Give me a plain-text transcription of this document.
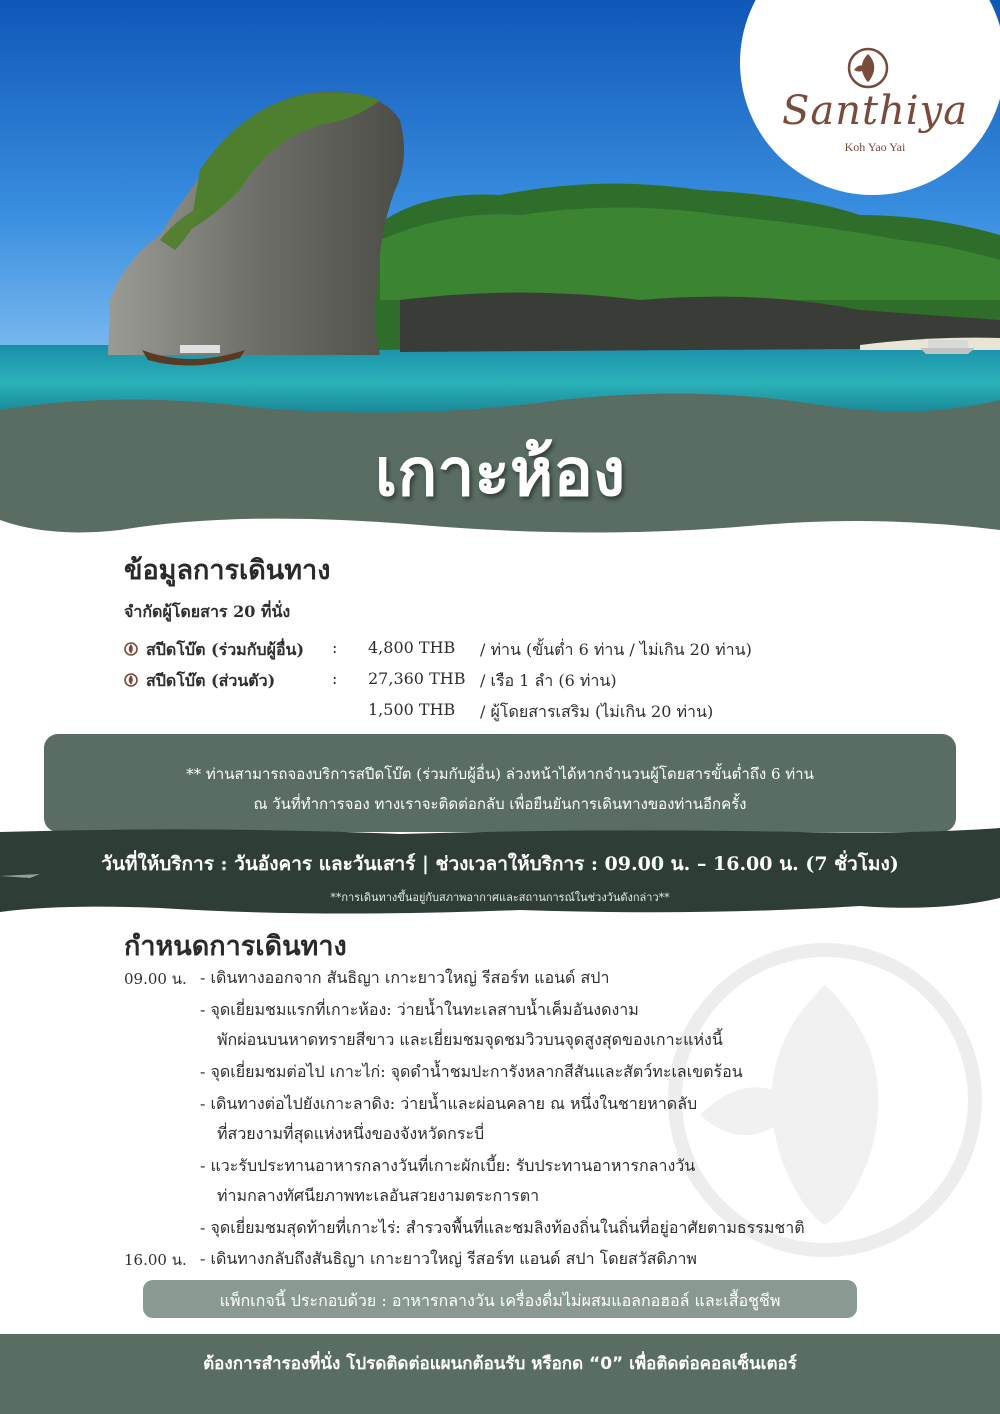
Santhiya
Koh Yao Yai
เกาะห้อง
ข้อมูลการเดินทาง
จำกัดผู้โดยสาร 20 ที่นั่ง
สปีดโบ๊ต (ร่วมกับผู้อื่น) : 4,800 THB / ท่าน (ขั้นต่ำ 6 ท่าน / ไม่เกิน 20 ท่าน)
สปีดโบ๊ต (ส่วนตัว)	: 27,360 THB / เรือ 1 ลำ (6 ท่าน)
1,500 THB / ผู้โดยสารเสริม (ไม่เกิน 20 ท่าน)
** ท่านสามารถจองบริการสปีดโบ๊ต (ร่วมกับผู้อื่น) ล่วงหน้าได้หากจำนวนผู้โดยสารขั้นต่ำถึง 6 ท่าน
ณ วันที่ทำการจอง ทางเราจะติดต่อกลับ เพื่อยืนยันการเดินทางของท่านอีกครั้ง
วันที่ให้บริการ : วันอังคาร และวันเสาร์ | ช่วงเวลาให้บริการ : 09.00 น. – 16.00 น. (7 ชั่วโมง)
**การเดินทางขึ้นอยู่กับสภาพอากาศและสถานการณ์ในช่วงวันดังกล่าว**
กำหนดการเดินทาง
09.00 น. - เดินทางออกจาก สันธิญา เกาะยาวใหญ่ รีสอร์ท แอนด์ สปา
- จุดเยี่ยมชมแรกที่เกาะห้อง: ว่ายน้ำในทะเลสาบน้ำเค็มอันงดงาม
พักผ่อนบนหาดทรายสีขาว และเยี่ยมชมจุดชมวิวบนจุดสูงสุดของเกาะแห่งนี้
- จุดเยี่ยมชมต่อไป เกาะไก่: จุดดำน้ำชมปะการังหลากสีสันและสัตว์ทะเลเขตร้อน
- เดินทางต่อไปยังเกาะลาดิง: ว่ายน้ำและผ่อนคลาย ณ หนึ่งในชายหาดลับ
ที่สวยงามที่สุดแห่งหนึ่งของจังหวัดกระบี่
- แวะรับประทานอาหารกลางวันที่เกาะผักเบี้ย: รับประทานอาหารกลางวัน
ท่ามกลางทัศนียภาพทะเลอันสวยงามตระการตา
- จุดเยี่ยมชมสุดท้ายที่เกาะไร่: สำรวจพื้นที่และชมลิงท้องถิ่นในถิ่นที่อยู่อาศัยตามธรรมชาติ
16.00 น. - เดินทางกลับถึงสันธิญา เกาะยาวใหญ่ รีสอร์ท แอนด์ สปา โดยสวัสดิภาพ
แพ็กเกจนี้ ประกอบด้วย : อาหารกลางวัน เครื่องดื่มไม่ผสมแอลกอฮอล์ และเสื้อชูชีพ
ต้องการสำรองที่นั่ง โปรดติดต่อแผนกต้อนรับ หรือกด “0” เพื่อติดต่อคอลเซ็นเตอร์
